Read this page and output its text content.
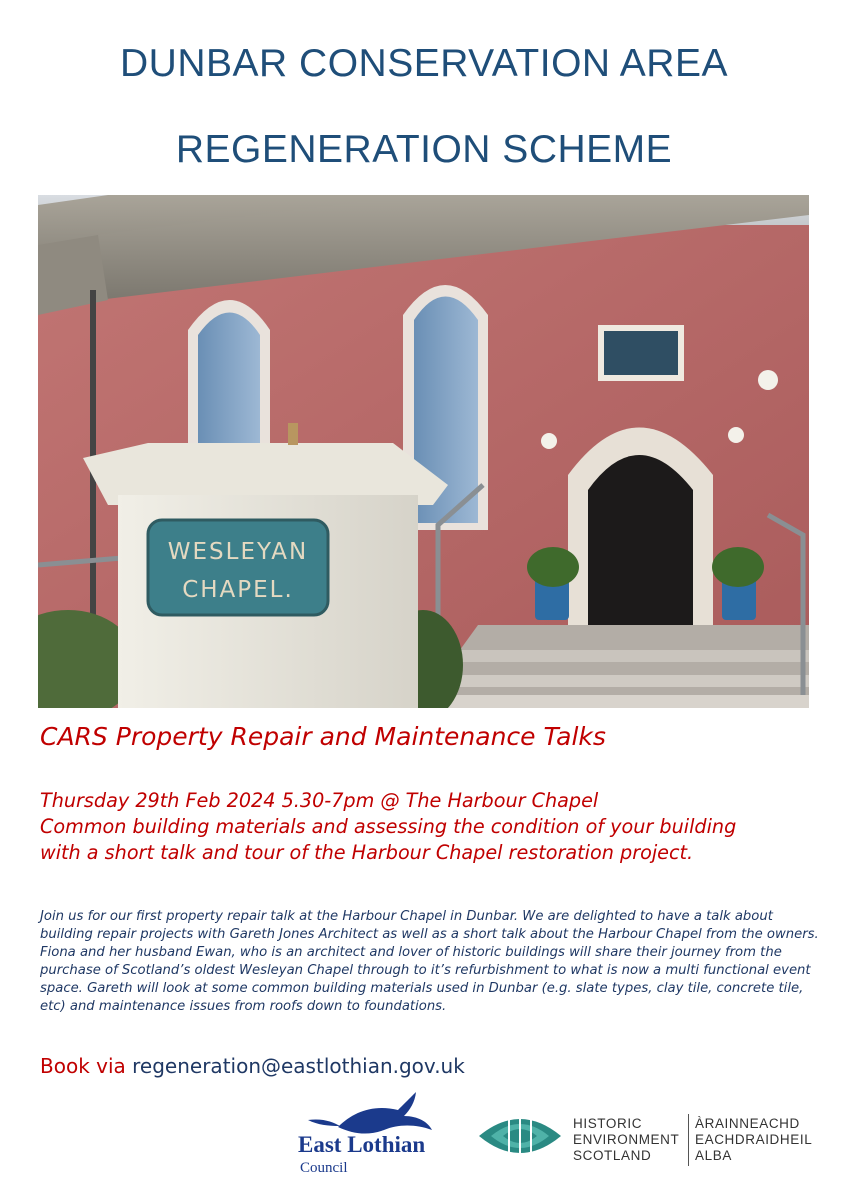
DUNBAR CONSERVATION AREA
REGENERATION SCHEME
WESLEYAN
CHAPEL.
CARS Property Repair and Maintenance Talks
Thursday 29th Feb 2024 5.30-7pm @ The Harbour Chapel
Common building materials and assessing the condition of your building
with a short talk and tour of the Harbour Chapel restoration project.

Join us for our first property repair talk at the Harbour Chapel in Dunbar. We are delighted to have a talk about building repair projects with Gareth Jones Architect as well as a short talk about the Harbour Chapel from the owners. Fiona and her husband Ewan, who is an architect and lover of historic buildings will share their journey from the purchase of Scotland’s oldest Wesleyan Chapel through to it’s refurbishment to what is now a multi functional event space. Gareth will look at some common building materials used in Dunbar (e.g. slate types, clay tile, concrete tile, etc) and maintenance issues from roofs down to foundations.

Book via regeneration@eastlothian.gov.uk
East Lothian
Council
HISTORIC
ENVIRONMENT
SCOTLAND
ÀRAINNEACHD
EACHDRAIDHEIL
ALBA
